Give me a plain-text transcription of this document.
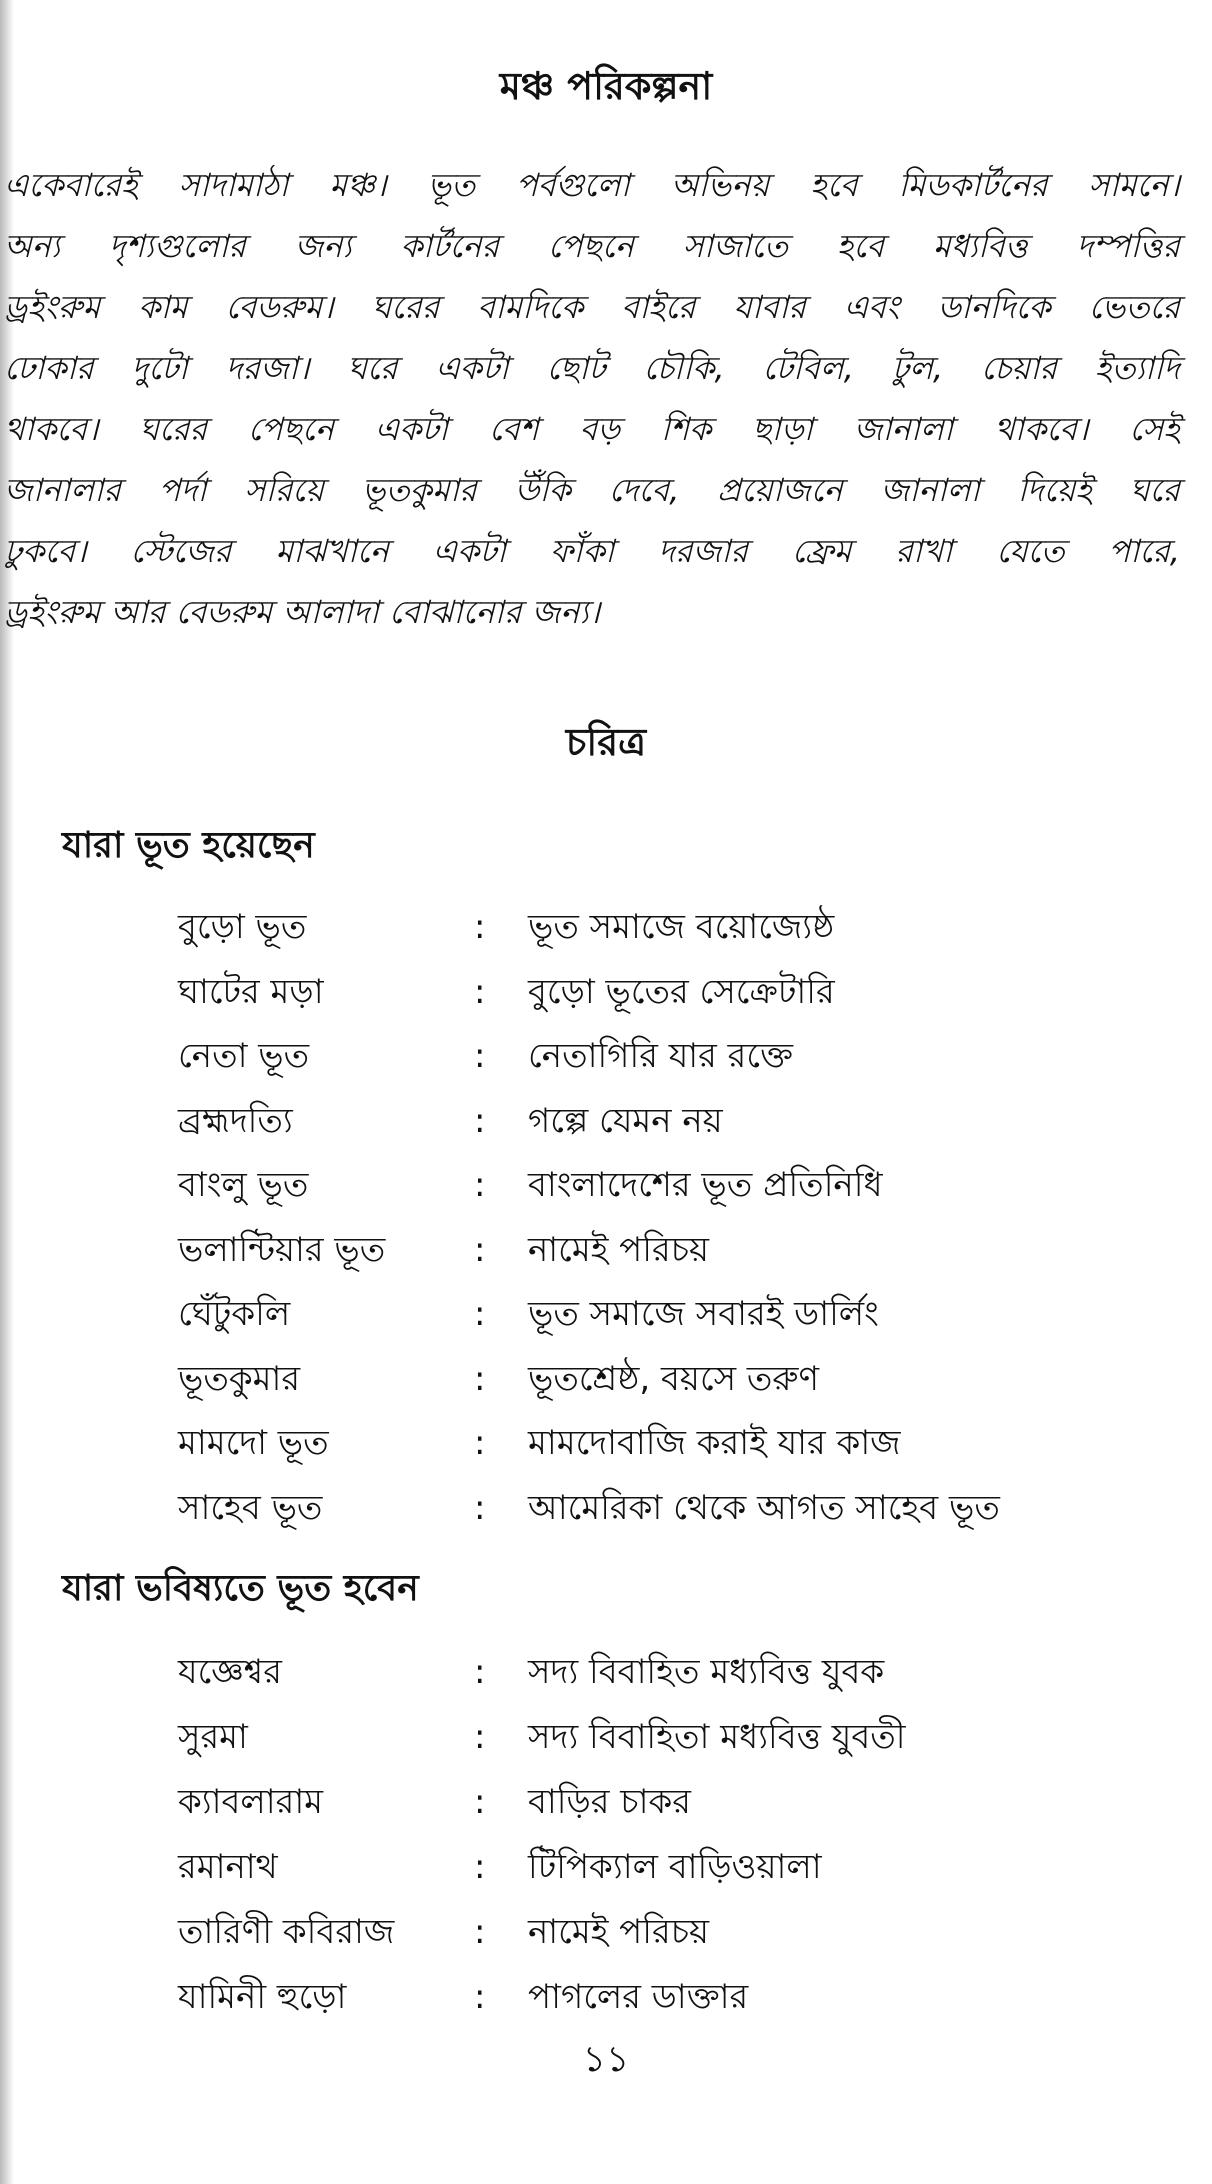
মঞ্চ পরিকল্পনা
একেবারেই সাদামাঠা মঞ্চ। ভূত পর্বগুলো অভিনয় হবে মিডকার্টনের সামনে।
অন্য দৃশ্যগুলোর জন্য কার্টনের পেছনে সাজাতে হবে মধ্যবিত্ত দম্পত্তির
ড্রইংরুম কাম বেডরুম। ঘরের বামদিকে বাইরে যাবার এবং ডানদিকে ভেতরে
ঢোকার দুটো দরজা। ঘরে একটা ছোট চৌকি, টেবিল, টুল, চেয়ার ইত্যাদি
থাকবে। ঘরের পেছনে একটা বেশ বড় শিক ছাড়া জানালা থাকবে। সেই
জানালার পর্দা সরিয়ে ভূতকুমার উঁকি দেবে, প্রয়োজনে জানালা দিয়েই ঘরে
ঢুকবে। স্টেজের মাঝখানে একটা ফাঁকা দরজার ফ্রেম রাখা যেতে পারে,
ড্রইংরুম আর বেডরুম আলাদা বোঝানোর জন্য।
চরিত্র
যারা ভূত হয়েছেন
বুড়ো ভূত	: ভূত সমাজে বয়োজ্যেষ্ঠ
ঘাটের মড়া	: বুড়ো ভূতের সেক্রেটারি
নেতা ভূত	: নেতাগিরি যার রক্তে
ব্রহ্মদত্যি	: গল্পে যেমন নয়
বাংলু ভূত	: বাংলাদেশের ভূত প্রতিনিধি
ভলান্টিয়ার ভূত	: নামেই পরিচয়
ঘেঁটুকলি	: ভূত সমাজে সবারই ডার্লিং
ভূতকুমার	: ভূতশ্রেষ্ঠ, বয়সে তরুণ
মামদো ভূত	: মামদোবাজি করাই যার কাজ
সাহেব ভূত	: আমেরিকা থেকে আগত সাহেব ভূত
যারা ভবিষ্যতে ভূত হবেন
যজ্ঞেশ্বর	: সদ্য বিবাহিত মধ্যবিত্ত যুবক
সুরমা	: সদ্য বিবাহিতা মধ্যবিত্ত যুবতী
ক্যাবলারাম	: বাড়ির চাকর
রমানাথ	: টিপিক্যাল বাড়িওয়ালা
তারিণী কবিরাজ : নামেই পরিচয়
যামিনী হুড়ো	: পাগলের ডাক্তার
১১
